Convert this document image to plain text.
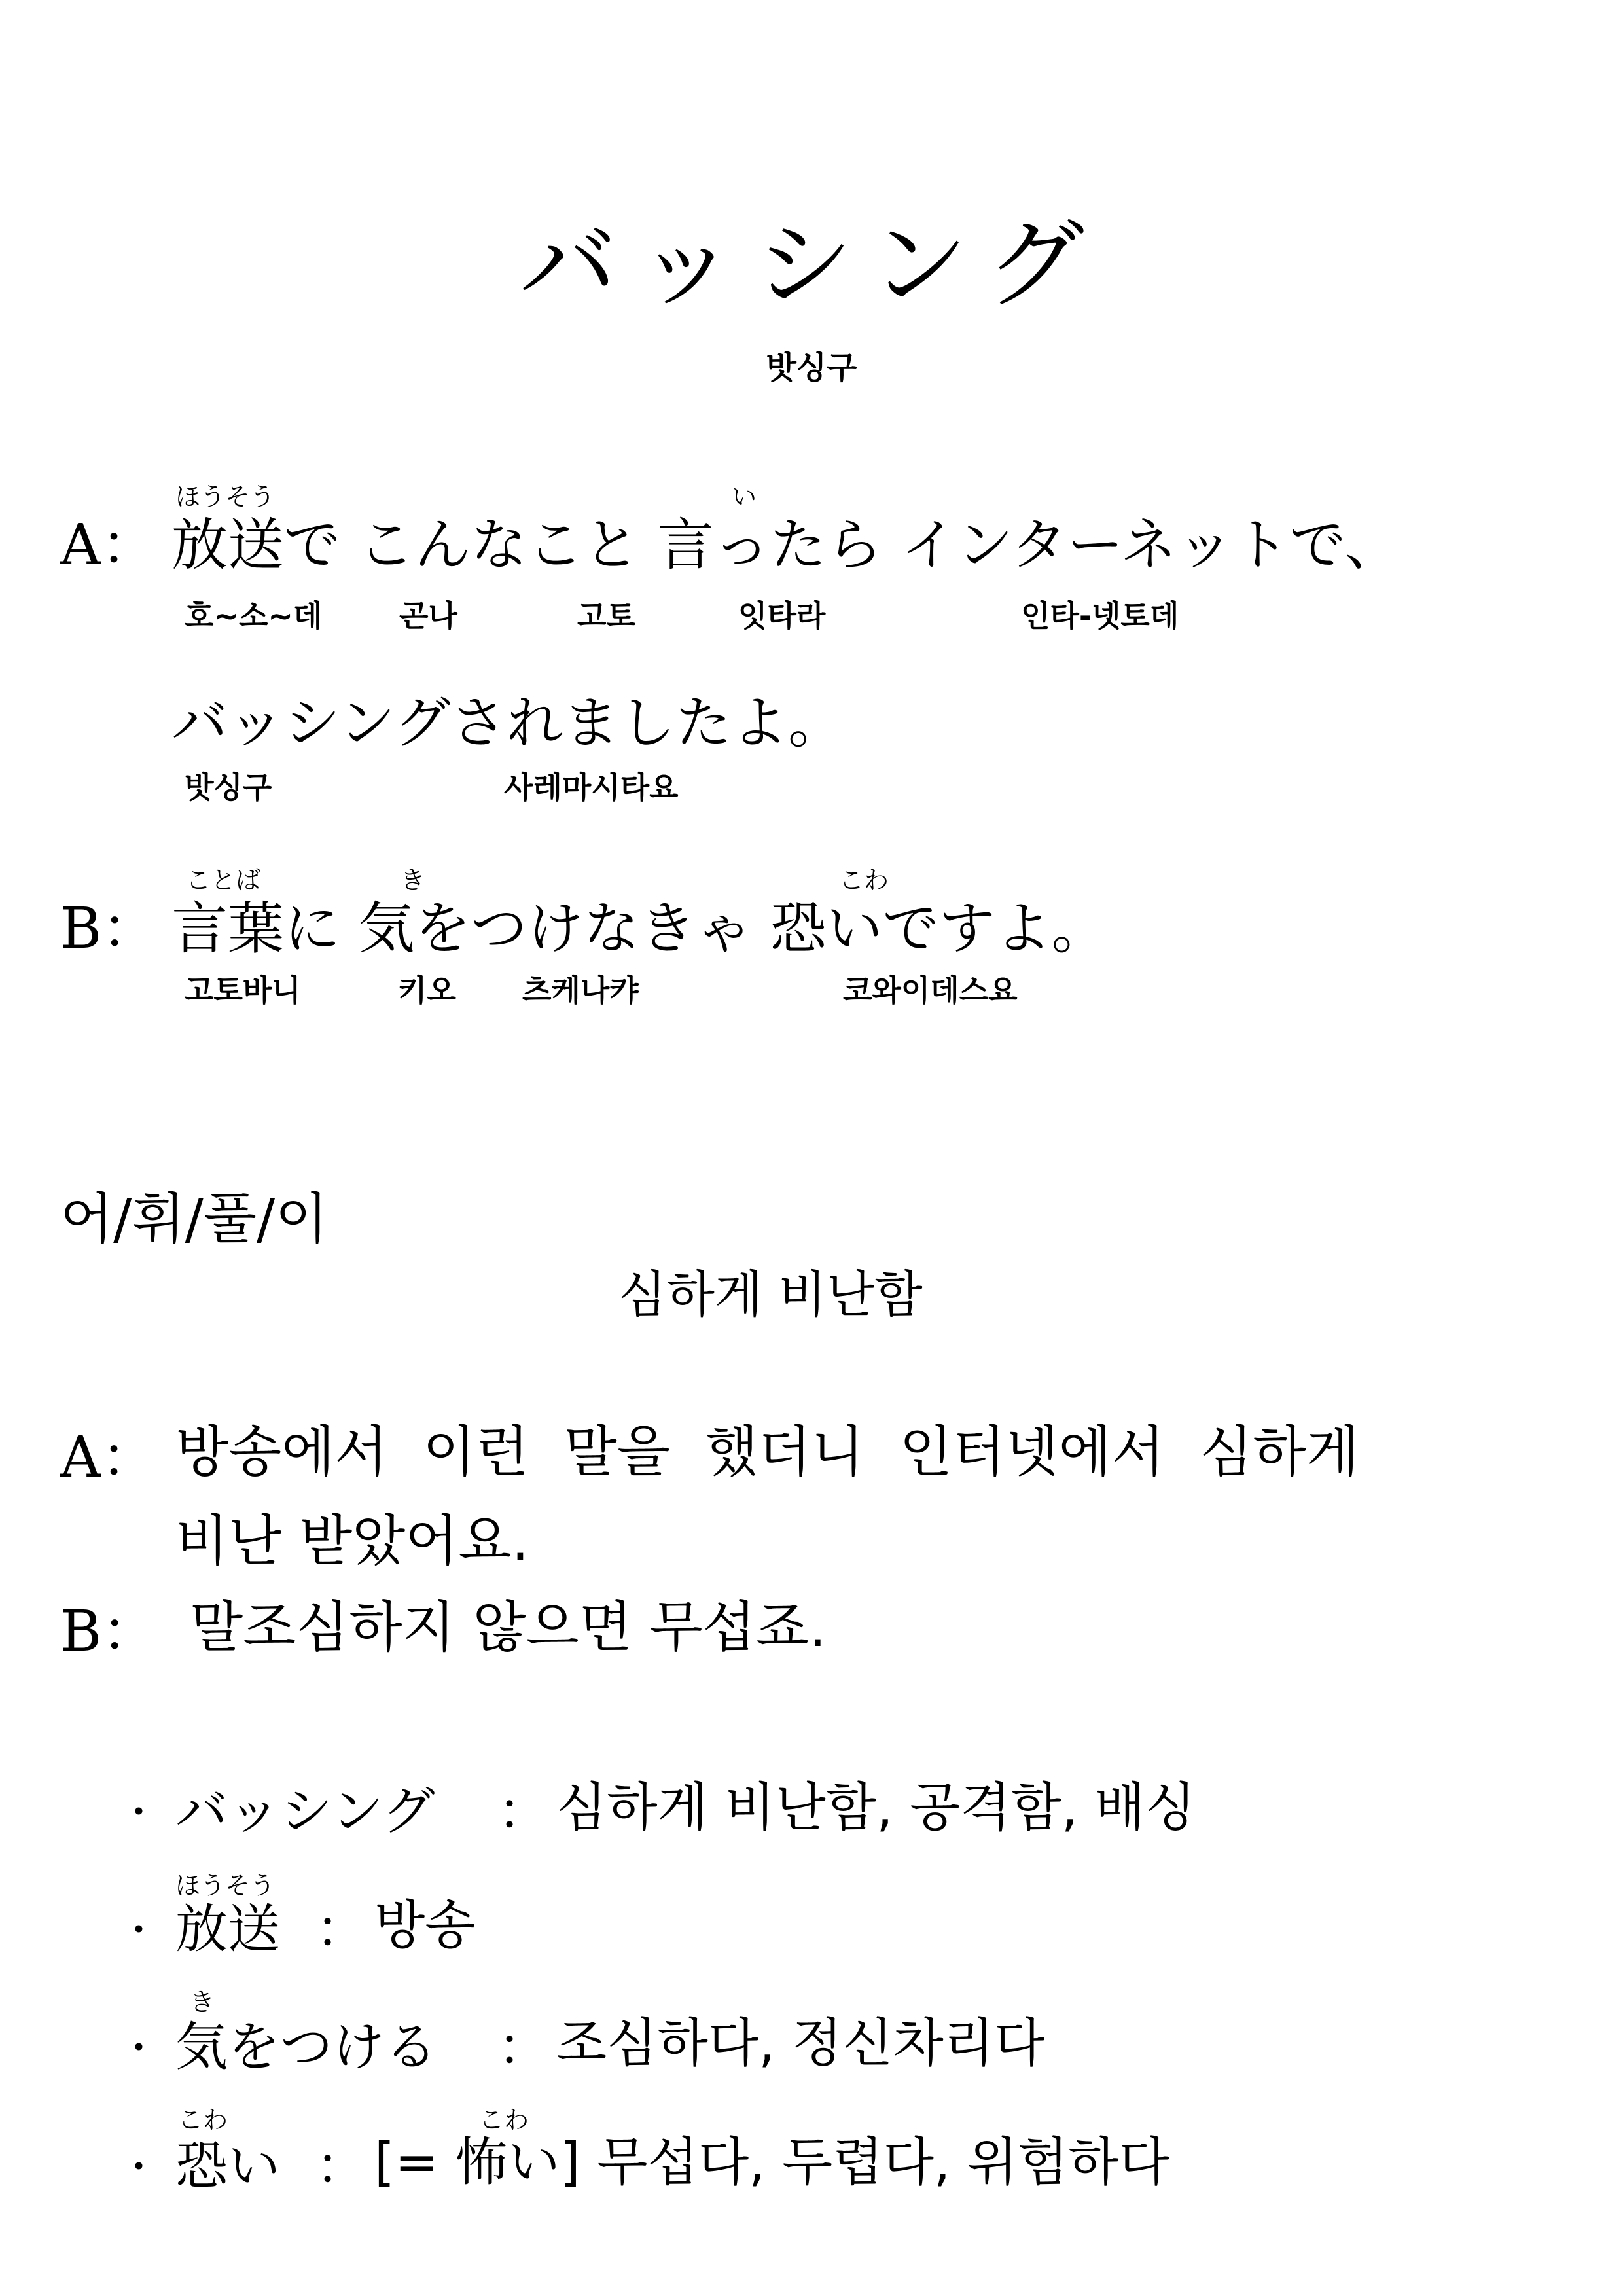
バッシング
밧싱구
ほうそう	い
A： 放送で こんなこと 言ったら インターネットで、
호~소~데	곤나	고토	잇타라	인타-넷토데
バッシングされましたよ。
밧싱구	사레마시타요
ことば	き	こわ
B： 言葉に 気をつけなきゃ 恐いですよ。
고토바니	키오 츠케나캬	코와이데스요
어/휘/풀/이
심하게 비난함
A： 방송에서  이런  말을  했더니  인터넷에서  심하게
비난 받았어요.
B： 말조심하지 않으면 무섭죠.
・ バッシング ： 심하게 비난함, 공격함, 배싱
ほうそう
・ 放送 ： 방송
き
・ 気をつける ： 조심하다, 정신차리다
こわ	こわ
・ 恐い ： [= 怖い] 무섭다, 두렵다, 위험하다
